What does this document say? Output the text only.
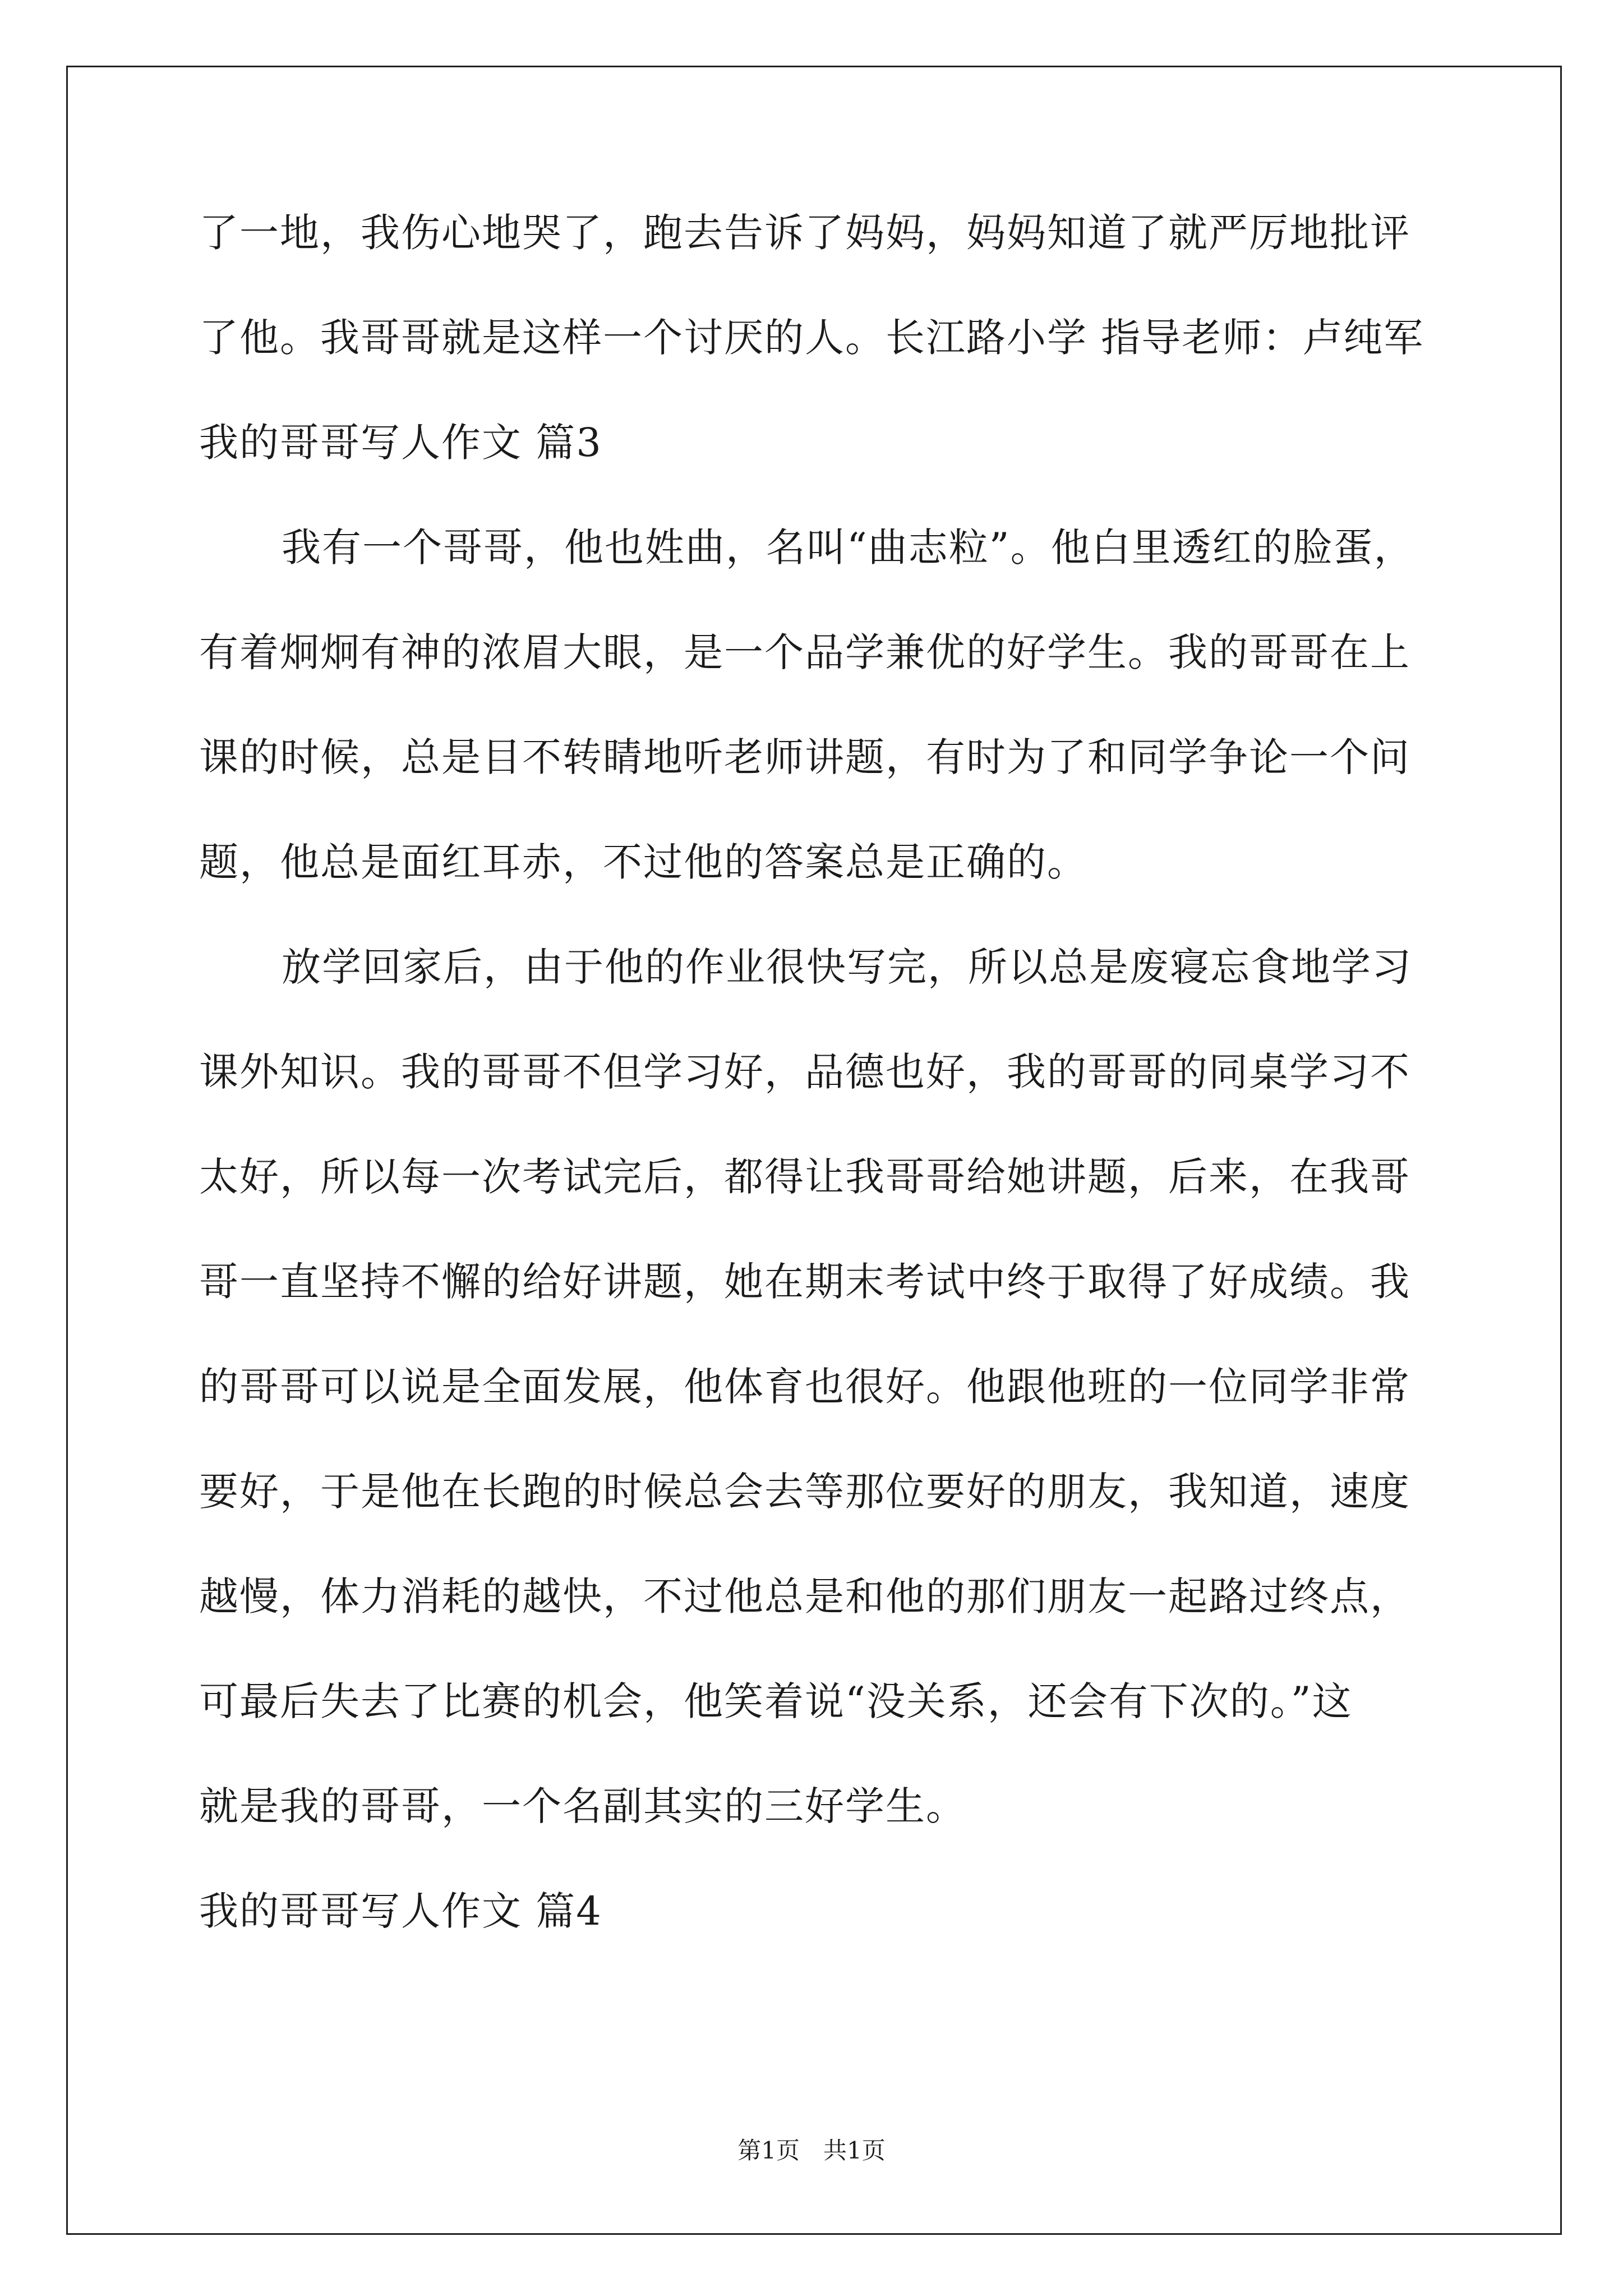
了一地，我伤心地哭了，跑去告诉了妈妈，妈妈知道了就严厉地批评
了他。我哥哥就是这样一个讨厌的人。长江路小学 指导老师：卢纯军
我的哥哥写人作文 篇3
我有一个哥哥，他也姓曲，名叫“曲志粒”。他白里透红的脸蛋，
有着炯炯有神的浓眉大眼，是一个品学兼优的好学生。我的哥哥在上
课的时候，总是目不转睛地听老师讲题，有时为了和同学争论一个问
题，他总是面红耳赤，不过他的答案总是正确的。
放学回家后，由于他的作业很快写完，所以总是废寝忘食地学习
课外知识。我的哥哥不但学习好，品德也好，我的哥哥的同桌学习不
太好，所以每一次考试完后，都得让我哥哥给她讲题，后来，在我哥
哥一直坚持不懈的给好讲题，她在期末考试中终于取得了好成绩。我
的哥哥可以说是全面发展，他体育也很好。他跟他班的一位同学非常
要好，于是他在长跑的时候总会去等那位要好的朋友，我知道，速度
越慢，体力消耗的越快，不过他总是和他的那们朋友一起路过终点，
可最后失去了比赛的机会，他笑着说“没关系，还会有下次的。”这
就是我的哥哥，一个名副其实的三好学生。
我的哥哥写人作文 篇4
第1页　共1页
